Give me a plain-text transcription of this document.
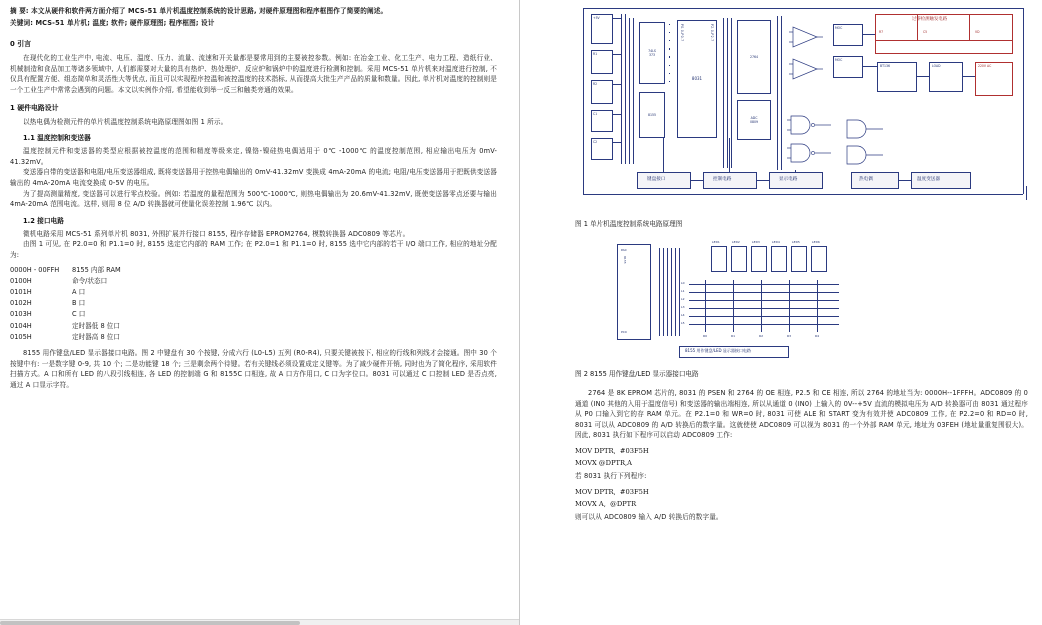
摘 要: 本文从硬件和软件两方面介绍了 MCS-51 单片机温度控制系统的设计思路, 对硬件原理图和程序框图作了简要的阐述。
关键词: MCS-51 单片机; 温度; 软件; 硬件原理图; 程序框图; 设计
0 引言
在现代化的工业生产中, 电流、电压、温度、压力、流量、流速和开关量都是要常用到的主要被控参数。例如: 在冶金工业、化工生产、电力工程、造纸行业、机械制造和食品加工等诸多领域中, 人们都需要对大量的具有热炉、热处理炉、反应炉和锅炉中的温度进行检测和控制。采用 MCS-51 单片机来对温度进行控制, 不仅具有配置方便、组态简单和灵活性大等优点, 而且可以实现程序控温和被控温度的技术指标, 从而提高大批生产产品的质量和数量。因此, 单片机对温度的控制则是一个工业生产中常常会遇到的问题。本文以实例作介绍, 希望能收到举一反三和触类旁通的效果。
1 硬件电路设计
以热电偶为检测元件的单片机温度控制系统电路原理图如图 1 所示。
1.1 温度控制和变送器
温度控制元件和变送器的类型应根据被控温度的范围和精度等级来定, 镍铬-镍硅热电偶适用于 0℃ -1000℃ 的温度控制范围, 相应输出电压为 0mV-41.32mV。
变送器自带的变送器和电阻/电压变送器组成, 既将变送器用于控热电偶输出的 0mV-41.32mV 变换成 4mA-20mA 的电流; 电阻/电压变送器用于把既供变送器输出的 4mA-20mA 电流变换成 0-5V 的电压。
为了提高测量精度, 变送器可以进行零点校验。例如: 若温度的量程范围为 500℃-1000℃, 则热电偶输出为 20.6mV-41.32mV, 既使变送器零点还要与输出 4mA-20mA 范围电流。这样, 则用 8 位 A/D 转换器就可使量化误差控制 1.96℃ 以内。
1.2 接口电路
微机电路采用 MCS-51 系列单片机 8031, 外围扩展并行接口 8155, 程序存储器 EPROM2764, 模数转换器 ADC0809 等芯片。
由图 1 可见, 在 P2.0=0 和 P1.1=0 时, 8155 选定它内部的 RAM 工作; 在 P2.0=1 和 P1.1=0 时, 8155 选中它内部的若干 I/O 端口工作, 相应的地址分配为:
0000H - 00FFH	8155 内部 RAM
0100H	命令/状态口
0101H	A 口
0102H	B 口
0103H	C 口
0104H	定时器低 8 位口
0105H	定时器高 8 位口
8155 用作键盘/LED 显示器接口电路。图 2 中键盘有 30 个按键, 分成六行 (L0-L5) 五列 (R0-R4), 只要关键被按下, 相应的行线和列线才会接通。图中 30 个按键中有: 一是数字键 0-9, 共 10 个; 二是功能键 18 个; 三是剩余两个待键。若有关键线必须设置成定义键等。为了减少硬件开销, 同时也为了简化程序, 采用软件扫描方式。A 口和所有 LED 的八段引线相连, 各 LED 的控制端 G 和 8155C 口相连, 故 A 口方作用口, C 口为字位口。8031 可以通过 C 口控制 LED 是否点亮, 通过 A 口显示字符。
+5V
R1
R2
C1
C2
74LS
373
8155
8031
P0.0-P0.7	P2.0-P2.7
2764
ADC
0809
MOC
MOC
过零检测触发电路
R7	C5	VD
BT136	LOAD	220V AC
键盘接口	控制电路	显示电路	热电偶	温度变送器
图 1 单片机温度控制系统电路原理图
8155
PA0
PC0
LED1	LED2	LED3	LED4	LED5	LED6
L0
L1
L2
L3
L4
L5
R0	R1	R2	R3	R4
8155 用作键盘/LED 显示器接口电路
图 2 8155 用作键盘/LED 显示器接口电路
2764 是 8K EPROM 芯片的, 8031 的 PSEN 和 2764 的 OE 相连, P2.5 和 CE 相连, 所以 2764 的地址当为: 0000H--1FFFH。ADC0809 的 0 通道 (IN0 其他的入用于温度信号) 和变送器的输出端相连, 所以从通道 0 (IN0) 上输入的 0V--+5V 直流的模拟电压为 A/D 转换器可由 8031 通过程序从 P0 口输入到它的存 RAM 单元。在 P2.1=0 和 WR=0 时, 8031 可使 ALE 和 START 变为有效并使 ADC0809 工作, 在 P2.2=0 和 RD=0 时, 8031 可以从 ADC0809 的 A/D 转换后的数字量。这就使使 ADC0809 可以视为 8031 的一个外部 RAM 单元, 地址为 03FEH (地址量重复围很大)。因此, 8031 执行如下程序可以启动 ADC0809 工作:
MOV DPTR,  #03F5H
MOVX @DPTR,A
若 8031 执行下列程序:
MOV DPTR,  #03F5H
MOVX A,  @DPTR
则可以从 ADC0809 输入 A/D 转换后的数字量。
